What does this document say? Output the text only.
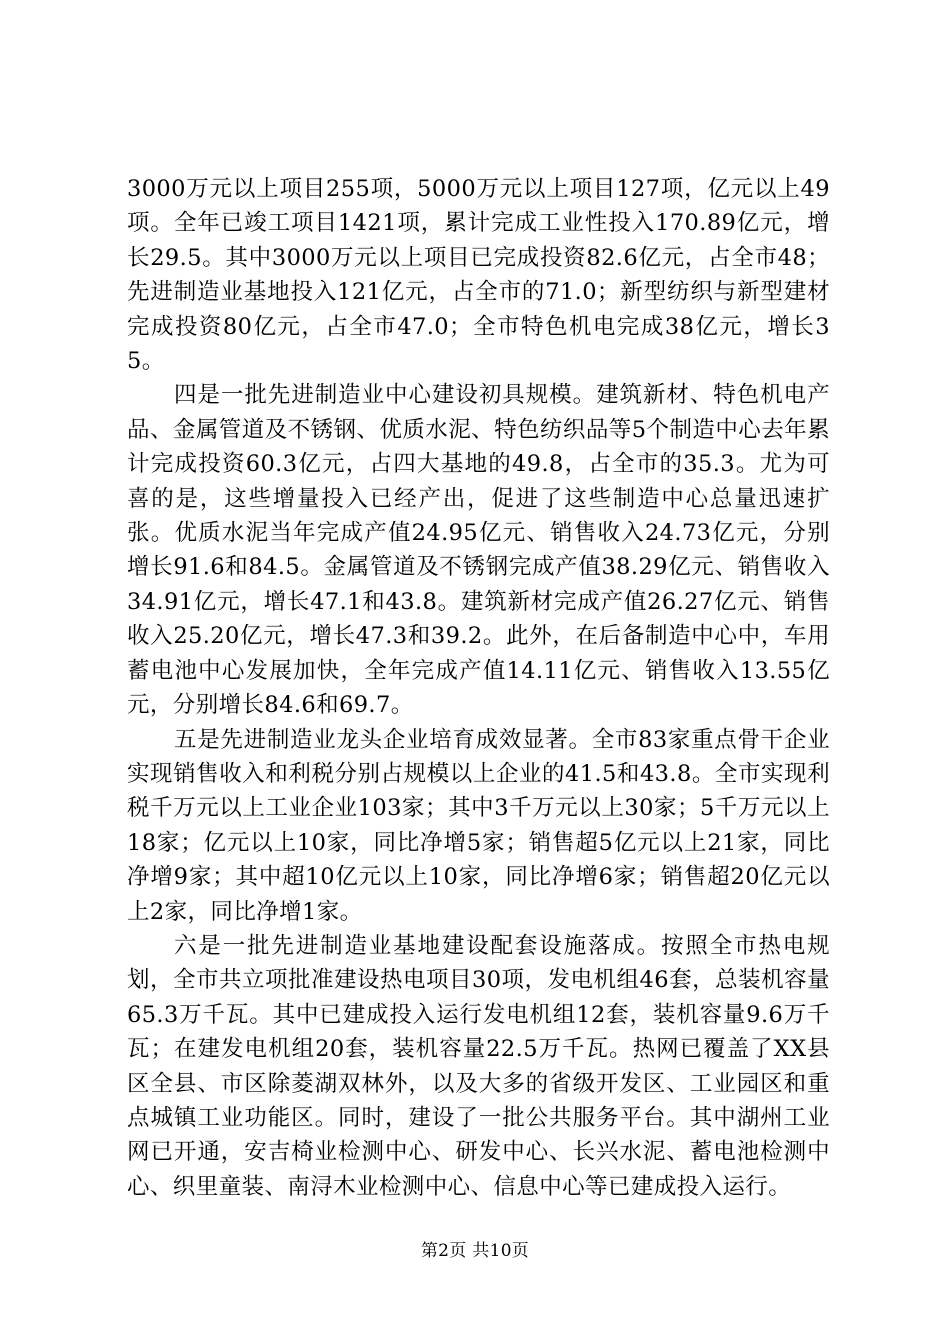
3000万元以上项目255项，5000万元以上项目127项，亿元以上49项。全年已竣工项目1421项，累计完成工业性投入170.89亿元，增长29.5。其中3000万元以上项目已完成投资82.6亿元，占全市48；先进制造业基地投入121亿元，占全市的71.0；新型纺织与新型建材完成投资80亿元，占全市47.0；全市特色机电完成38亿元，增长35。

四是一批先进制造业中心建设初具规模。建筑新材、特色机电产品、金属管道及不锈钢、优质水泥、特色纺织品等5个制造中心去年累计完成投资60.3亿元，占四大基地的49.8，占全市的35.3。尤为可喜的是，这些增量投入已经产出，促进了这些制造中心总量迅速扩张。优质水泥当年完成产值24.95亿元、销售收入24.73亿元，分别增长91.6和84.5。金属管道及不锈钢完成产值38.29亿元、销售收入34.91亿元，增长47.1和43.8。建筑新材完成产值26.27亿元、销售收入25.20亿元，增长47.3和39.2。此外，在后备制造中心中，车用蓄电池中心发展加快，全年完成产值14.11亿元、销售收入13.55亿元，分别增长84.6和69.7。

五是先进制造业龙头企业培育成效显著。全市83家重点骨干企业实现销售收入和利税分别占规模以上企业的41.5和43.8。全市实现利税千万元以上工业企业103家；其中3千万元以上30家；5千万元以上18家；亿元以上10家，同比净增5家；销售超5亿元以上21家，同比净增9家；其中超10亿元以上10家，同比净增6家；销售超20亿元以上2家，同比净增1家。

六是一批先进制造业基地建设配套设施落成。按照全市热电规划，全市共立项批准建设热电项目30项，发电机组46套，总装机容量65.3万千瓦。其中已建成投入运行发电机组12套，装机容量9.6万千瓦；在建发电机组20套，装机容量22.5万千瓦。热网已覆盖了XX县区全县、市区除菱湖双林外，以及大多的省级开发区、工业园区和重点城镇工业功能区。同时，建设了一批公共服务平台。其中湖州工业网已开通，安吉椅业检测中心、研发中心、长兴水泥、蓄电池检测中心、织里童装、南浔木业检测中心、信息中心等已建成投入运行。

第2页 共10页
